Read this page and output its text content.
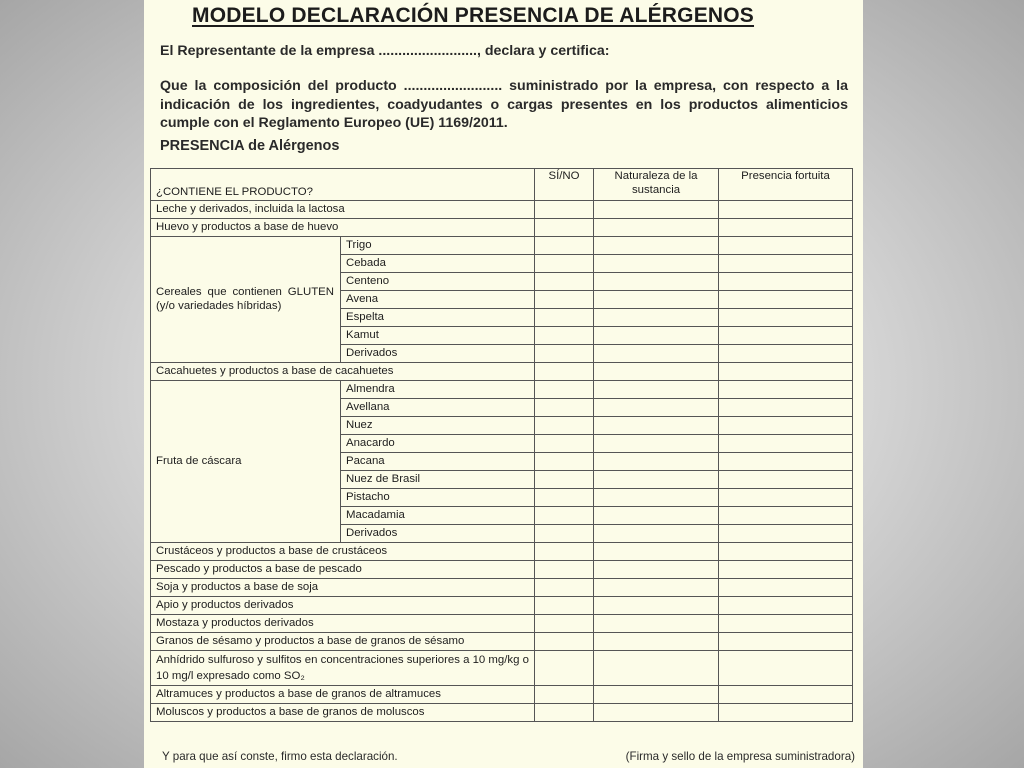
MODELO DECLARACIÓN PRESENCIA DE ALÉRGENOS
El Representante de la empresa ........................., declara y certifica:
Que la composición del producto ......................... suministrado por la empresa, con respecto a la indicación de los ingredientes, coadyudantes o cargas presentes en los productos alimenticios cumple con el Reglamento Europeo (UE) 1169/2011.
PRESENCIA de Alérgenos
¿CONTIENE EL PRODUCTO?		SÍ/NO	Naturaleza de la sustancia	Presencia fortuita
Leche y derivados, incluida la lactosa				
Huevo y productos a base de huevo				
Cereales que contienen GLUTEN (y/o variedades híbridas)	Trigo			
	Cebada			
	Centeno			
	Avena			
	Espelta			
	Kamut			
	Derivados			
Cacahuetes y productos a base de cacahuetes				
Fruta de cáscara	Almendra			
	Avellana			
	Nuez			
	Anacardo			
	Pacana			
	Nuez de Brasil			
	Pistacho			
	Macadamia			
	Derivados			
Crustáceos y productos a base de crustáceos				
Pescado y productos a base de pescado				
Soja y productos a base de soja				
Apio y productos derivados				
Mostaza y productos derivados				
Granos de sésamo y productos a base de granos de sésamo				
Anhídrido sulfuroso y sulfitos en concentraciones superiores a 10 mg/kg o 10 mg/l expresado como SO₂				
Altramuces y productos a base de granos de altramuces				
Moluscos y productos a base de granos de moluscos				
Y para que así conste, firmo esta declaración.	(Firma y sello de la empresa suministradora)
